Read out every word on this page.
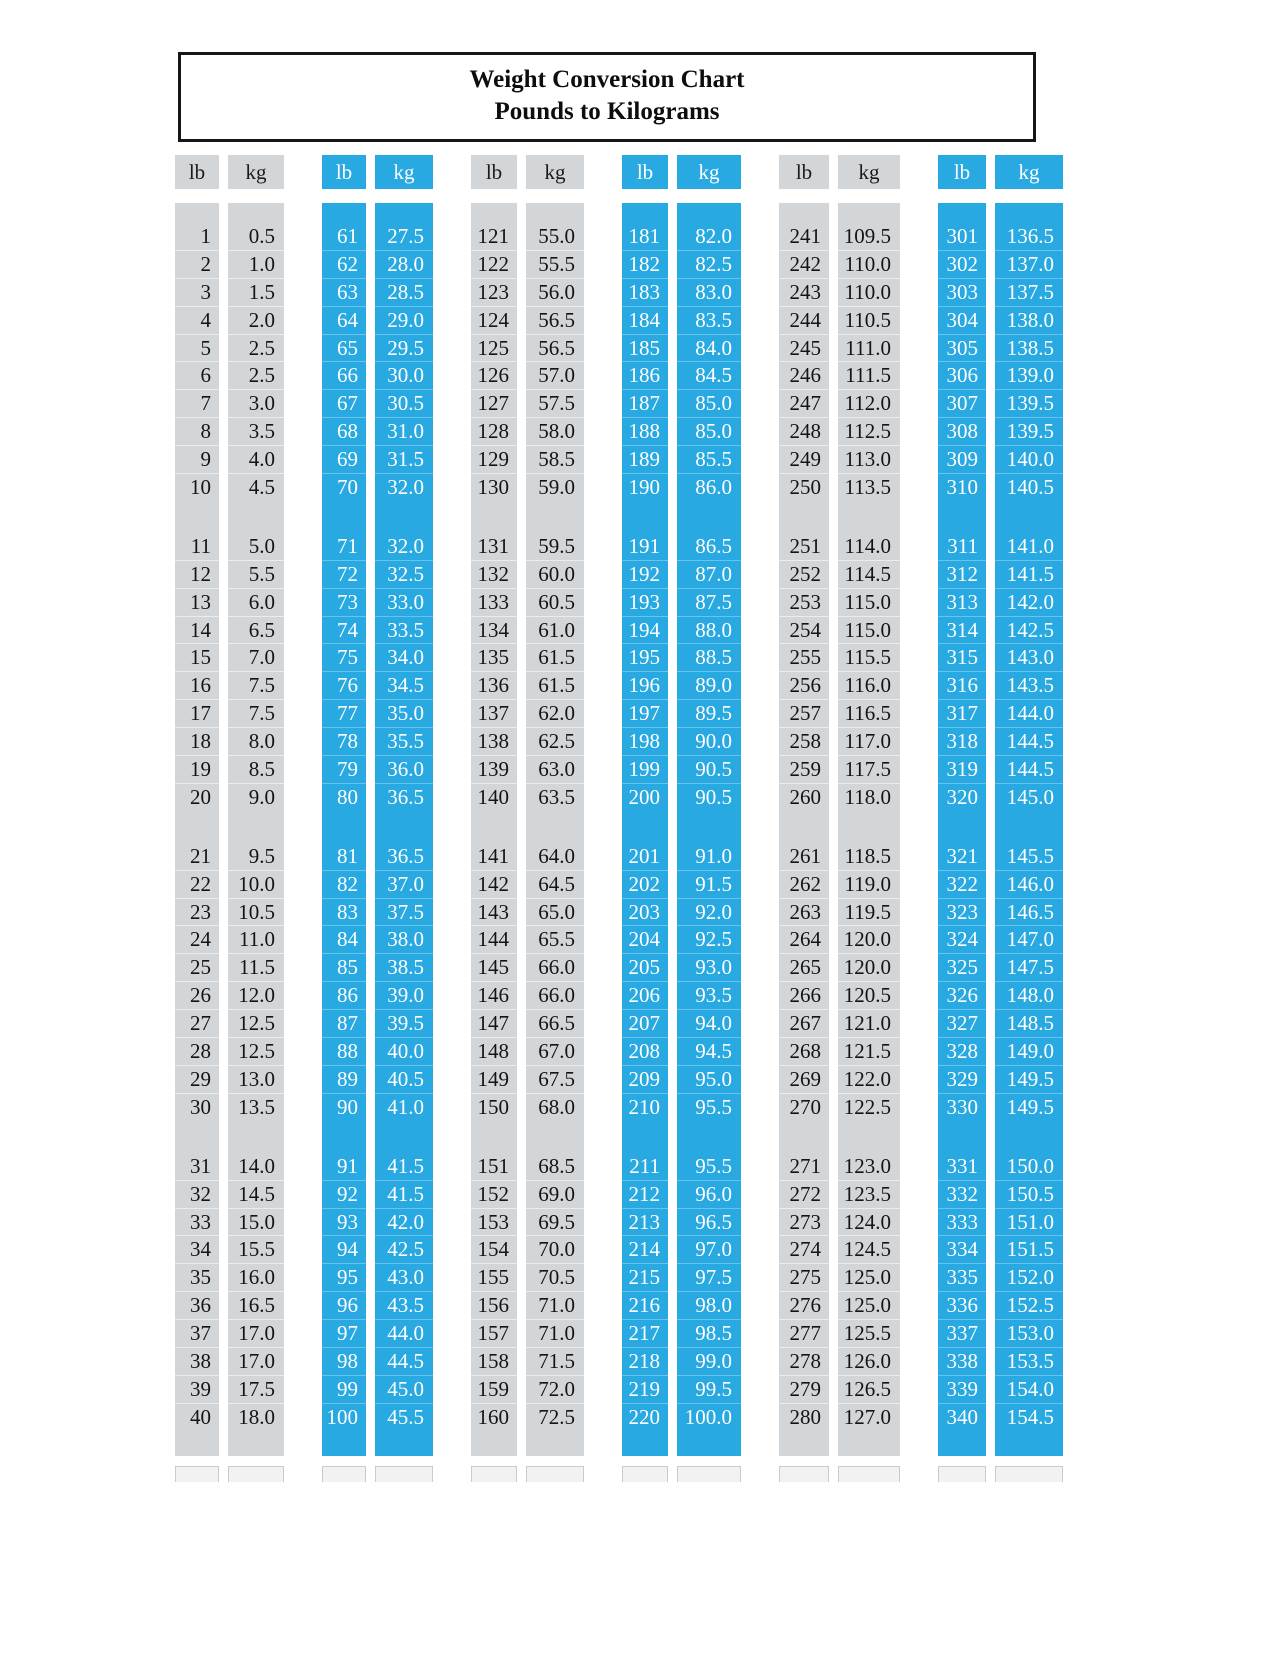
Weight Conversion Chart
Pounds to Kilograms
lb
1
2
3
4
5
6
7
8
9
10
11
12
13
14
15
16
17
18
19
20
21
22
23
24
25
26
27
28
29
30
31
32
33
34
35
36
37
38
39
40
kg
0.5
1.0
1.5
2.0
2.5
2.5
3.0
3.5
4.0
4.5
5.0
5.5
6.0
6.5
7.0
7.5
7.5
8.0
8.5
9.0
9.5
10.0
10.5
11.0
11.5
12.0
12.5
12.5
13.0
13.5
14.0
14.5
15.0
15.5
16.0
16.5
17.0
17.0
17.5
18.0
lb
61
62
63
64
65
66
67
68
69
70
71
72
73
74
75
76
77
78
79
80
81
82
83
84
85
86
87
88
89
90
91
92
93
94
95
96
97
98
99
100
kg
27.5
28.0
28.5
29.0
29.5
30.0
30.5
31.0
31.5
32.0
32.0
32.5
33.0
33.5
34.0
34.5
35.0
35.5
36.0
36.5
36.5
37.0
37.5
38.0
38.5
39.0
39.5
40.0
40.5
41.0
41.5
41.5
42.0
42.5
43.0
43.5
44.0
44.5
45.0
45.5
lb
121
122
123
124
125
126
127
128
129
130
131
132
133
134
135
136
137
138
139
140
141
142
143
144
145
146
147
148
149
150
151
152
153
154
155
156
157
158
159
160
kg
55.0
55.5
56.0
56.5
56.5
57.0
57.5
58.0
58.5
59.0
59.5
60.0
60.5
61.0
61.5
61.5
62.0
62.5
63.0
63.5
64.0
64.5
65.0
65.5
66.0
66.0
66.5
67.0
67.5
68.0
68.5
69.0
69.5
70.0
70.5
71.0
71.0
71.5
72.0
72.5
lb
181
182
183
184
185
186
187
188
189
190
191
192
193
194
195
196
197
198
199
200
201
202
203
204
205
206
207
208
209
210
211
212
213
214
215
216
217
218
219
220
kg
82.0
82.5
83.0
83.5
84.0
84.5
85.0
85.0
85.5
86.0
86.5
87.0
87.5
88.0
88.5
89.0
89.5
90.0
90.5
90.5
91.0
91.5
92.0
92.5
93.0
93.5
94.0
94.5
95.0
95.5
95.5
96.0
96.5
97.0
97.5
98.0
98.5
99.0
99.5
100.0
lb
241
242
243
244
245
246
247
248
249
250
251
252
253
254
255
256
257
258
259
260
261
262
263
264
265
266
267
268
269
270
271
272
273
274
275
276
277
278
279
280
kg
109.5
110.0
110.0
110.5
111.0
111.5
112.0
112.5
113.0
113.5
114.0
114.5
115.0
115.0
115.5
116.0
116.5
117.0
117.5
118.0
118.5
119.0
119.5
120.0
120.0
120.5
121.0
121.5
122.0
122.5
123.0
123.5
124.0
124.5
125.0
125.0
125.5
126.0
126.5
127.0
lb
301
302
303
304
305
306
307
308
309
310
311
312
313
314
315
316
317
318
319
320
321
322
323
324
325
326
327
328
329
330
331
332
333
334
335
336
337
338
339
340
kg
136.5
137.0
137.5
138.0
138.5
139.0
139.5
139.5
140.0
140.5
141.0
141.5
142.0
142.5
143.0
143.5
144.0
144.5
144.5
145.0
145.5
146.0
146.5
147.0
147.5
148.0
148.5
149.0
149.5
149.5
150.0
150.5
151.0
151.5
152.0
152.5
153.0
153.5
154.0
154.5
